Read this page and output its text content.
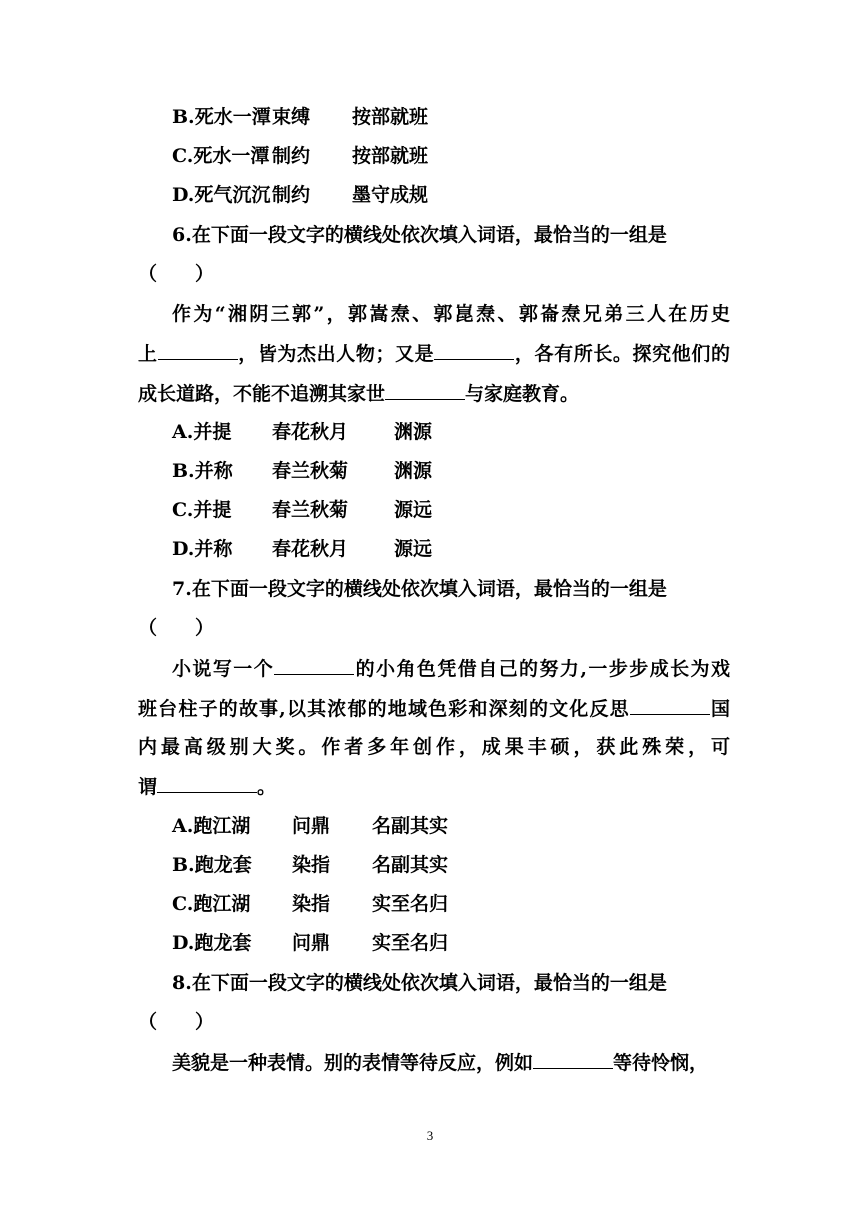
B.死水一潭束缚 按部就班
C.死水一潭 制约 按部就班
D.死气沉沉制约 墨守成规
6.在下面一段文字的横线处依次填入词语，最恰当的一组是
（　　）
作为“湘阴三郭”，郭嵩焘、郭崑焘、郭崙焘兄弟三人在历史
上	，皆为杰出人物；又是	，各有所长。探究他们的
成长道路，不能不追溯其家世	与家庭教育。
A.并提 春花秋月 渊源
B.并称 春兰秋菊 渊源
C.并提 春兰秋菊 源远
D.并称 春花秋月 源远
7.在下面一段文字的横线处依次填入词语，最恰当的一组是
（　　）
小说写一个	的小角色凭借自己的努力,一步步成长为戏
班台柱子的故事,以其浓郁的地域色彩和深刻的文化反思	国
内最高级别大奖。作者多年创作，成果丰硕，获此殊荣，可
谓	。
A.跑江湖 问鼎 名副其实
B.跑龙套 染指 名副其实
C.跑江湖 染指 实至名归
D.跑龙套 问鼎 实至名归
8.在下面一段文字的横线处依次填入词语，最恰当的一组是
（　　）
美貌是一种表情。别的表情等待反应，例如	等待怜悯，
3
